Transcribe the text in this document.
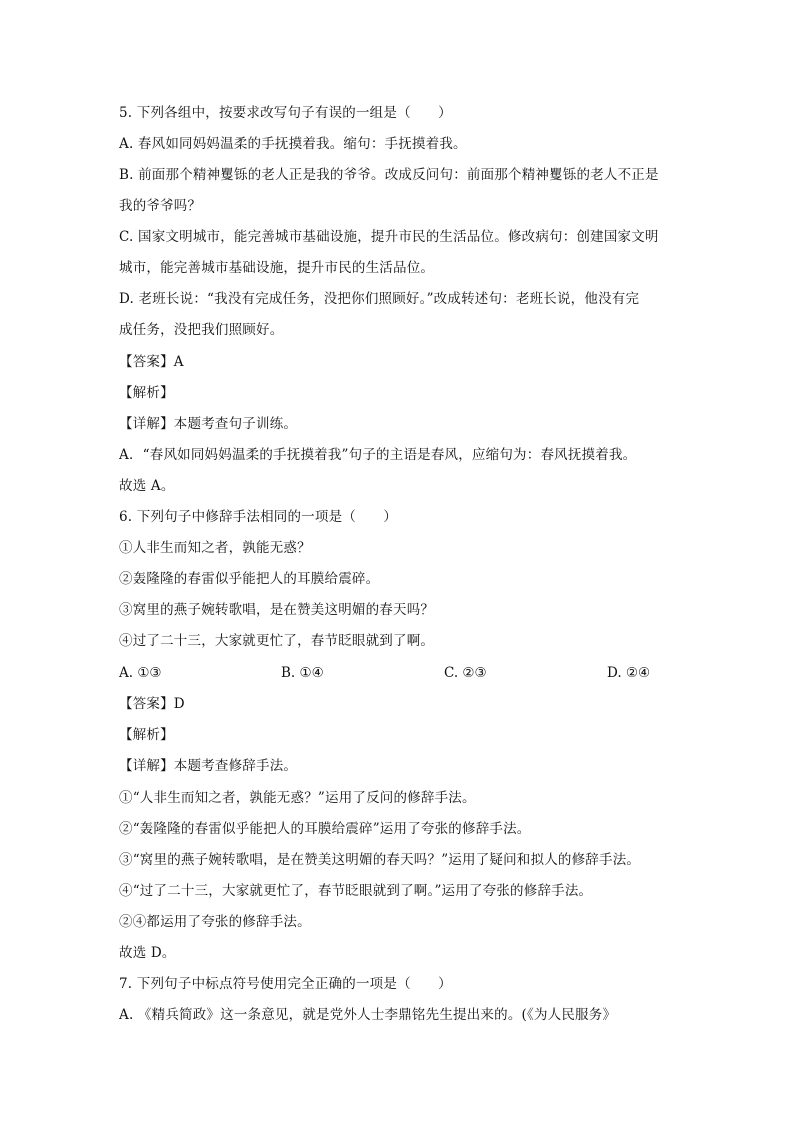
5. 下列各组中，按要求改写句子有误的一组是（　　）
A. 春风如同妈妈温柔的手抚摸着我。缩句：手抚摸着我。
B. 前面那个精神矍铄的老人正是我的爷爷。改成反问句：前面那个精神矍铄的老人不正是
我的爷爷吗？
C. 国家文明城市，能完善城市基础设施，提升市民的生活品位。修改病句：创建国家文明
城市，能完善城市基础设施，提升市民的生活品位。
D. 老班长说：“我没有完成任务，没把你们照顾好。”改成转述句：老班长说，他没有完
成任务，没把我们照顾好。
【答案】A
【解析】
【详解】本题考查句子训练。
A．“春风如同妈妈温柔的手抚摸着我”句子的主语是春风，应缩句为：春风抚摸着我。
故选 A。
6. 下列句子中修辞手法相同的一项是（　　）
①人非生而知之者，孰能无惑？
②轰隆隆的春雷似乎能把人的耳膜给震碎。
③窝里的燕子婉转歌唱，是在赞美这明媚的春天吗？
④过了二十三，大家就更忙了，春节眨眼就到了啊。
A. ①③	B. ①④	C. ②③	D. ②④
【答案】D
【解析】
【详解】本题考查修辞手法。
①“人非生而知之者，孰能无惑？”运用了反问的修辞手法。
②“轰隆隆的春雷似乎能把人的耳膜给震碎”运用了夸张的修辞手法。
③“窝里的燕子婉转歌唱，是在赞美这明媚的春天吗？”运用了疑问和拟人的修辞手法。
④“过了二十三，大家就更忙了，春节眨眼就到了啊。”运用了夸张的修辞手法。
②④都运用了夸张的修辞手法。
故选 D。
7. 下列句子中标点符号使用完全正确的一项是（　　）
A. 《精兵简政》这一条意见，就是党外人士李鼎铭先生提出来的。(《为人民服务》
